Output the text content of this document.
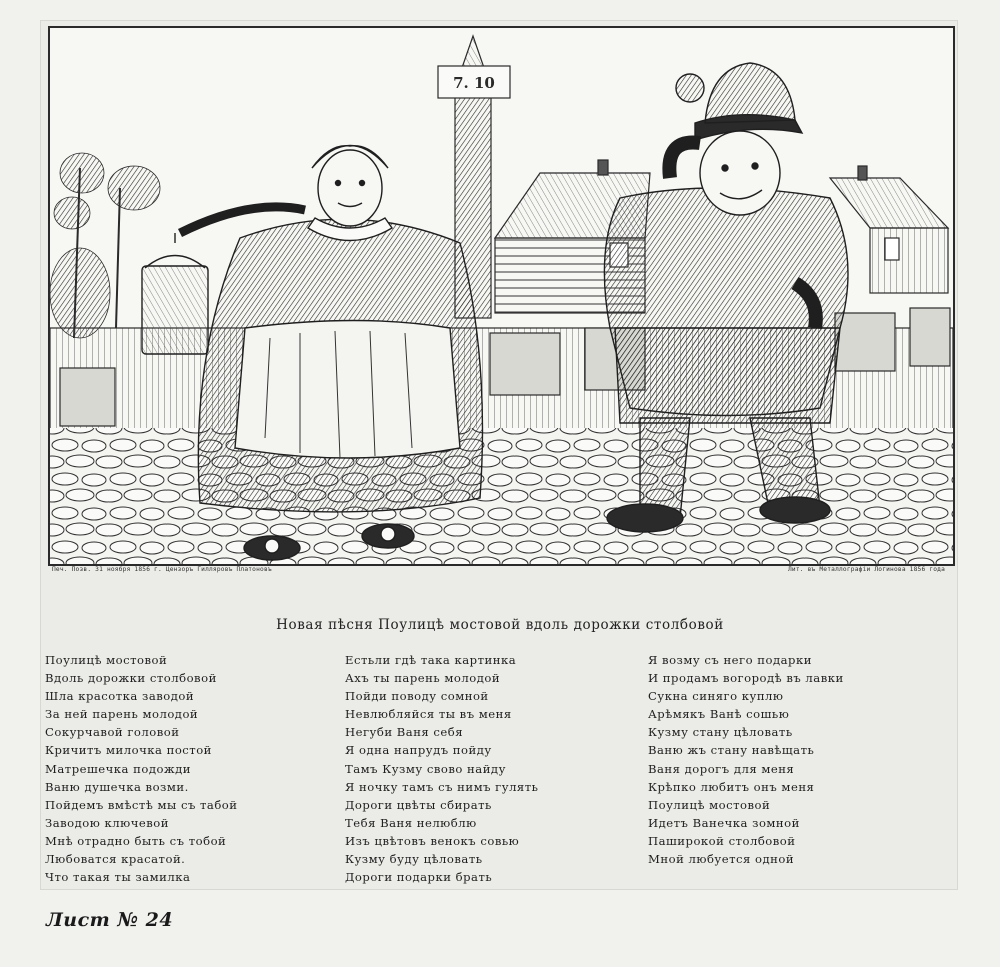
7. 10
Печ. Позв. 31 ноября 1856 г. Цензоръ Гилляровъ Платоновъ	Лит. въ Металлографіи Логинова 1856 года
Новая пѣсня Поулицѣ мостовой вдоль дорожки столбовой
Поулицѣ мостовой
Вдоль дорожки столбовой
Шла красотка заводой
За ней парень молодой
Сокурчавой головой
Кричитъ милочка постой
Матрешечка подожди
Ваню душечка возми.
Пойдемъ вмѣстѣ мы съ табой
Заводою ключевой
Мнѣ отрадно быть съ тобой
Любоватся красатой.
Что такая ты замилка
Естьли гдѣ така картинка
Ахъ ты парень молодой
Пойди поводу сомной
Невлюбляйся ты въ меня
Негуби Ваня себя
Я одна напрудъ пойду
Тамъ Кузму свово найду
Я ночку тамъ съ нимъ гулять
Дороги цвѣты сбирать
Тебя Ваня нелюблю
Изъ цвѣтовъ венокъ совью
Кузму буду цѣловать
Дороги подарки брать
Я возму съ него подарки
И продамъ вогородѣ въ лавки
Сукна синяго куплю
Арѣмякъ Ванѣ сошью
Кузму стану цѣловать
Ваню жъ стану навѣщать
Ваня дорогъ для меня
Крѣпко любитъ онъ меня
Поулицѣ мостовой
Идетъ Ванечка зомной
Паширокой столбовой
Мной любуется одной
Лист № 24
